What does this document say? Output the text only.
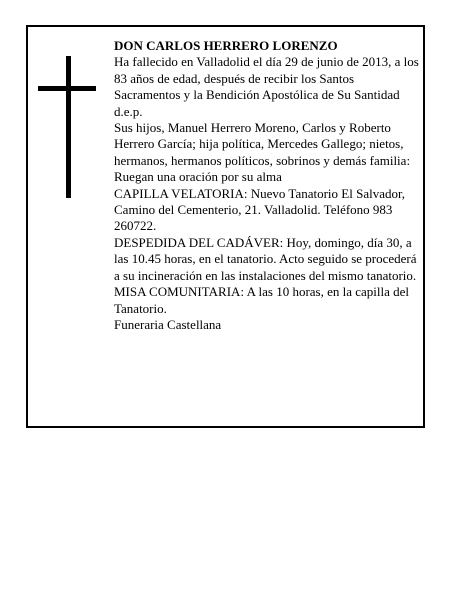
DON CARLOS HERRERO LORENZO

Ha fallecido en Valladolid el día 29 de junio de 2013, a los 83 años de edad, después de recibir los Santos Sacramentos y la Bendición Apostólica de Su Santidad

d.e.p.

Sus hijos, Manuel Herrero Moreno, Carlos y Roberto Herrero García; hija política, Mercedes Gallego; nietos, hermanos, hermanos políticos, sobrinos y demás familia:

Ruegan una oración por su alma

CAPILLA VELATORIA: Nuevo Tanatorio El Salvador, Camino del Cementerio, 21. Valladolid. Teléfono 983 260722.

DESPEDIDA DEL CADÁVER: Hoy, domingo, día 30, a las 10.45 horas, en el tanatorio. Acto seguido se procederá a su incineración en las instalaciones del mismo tanatorio.

MISA COMUNITARIA: A las 10 horas, en la capilla del Tanatorio.

Funeraria Castellana
